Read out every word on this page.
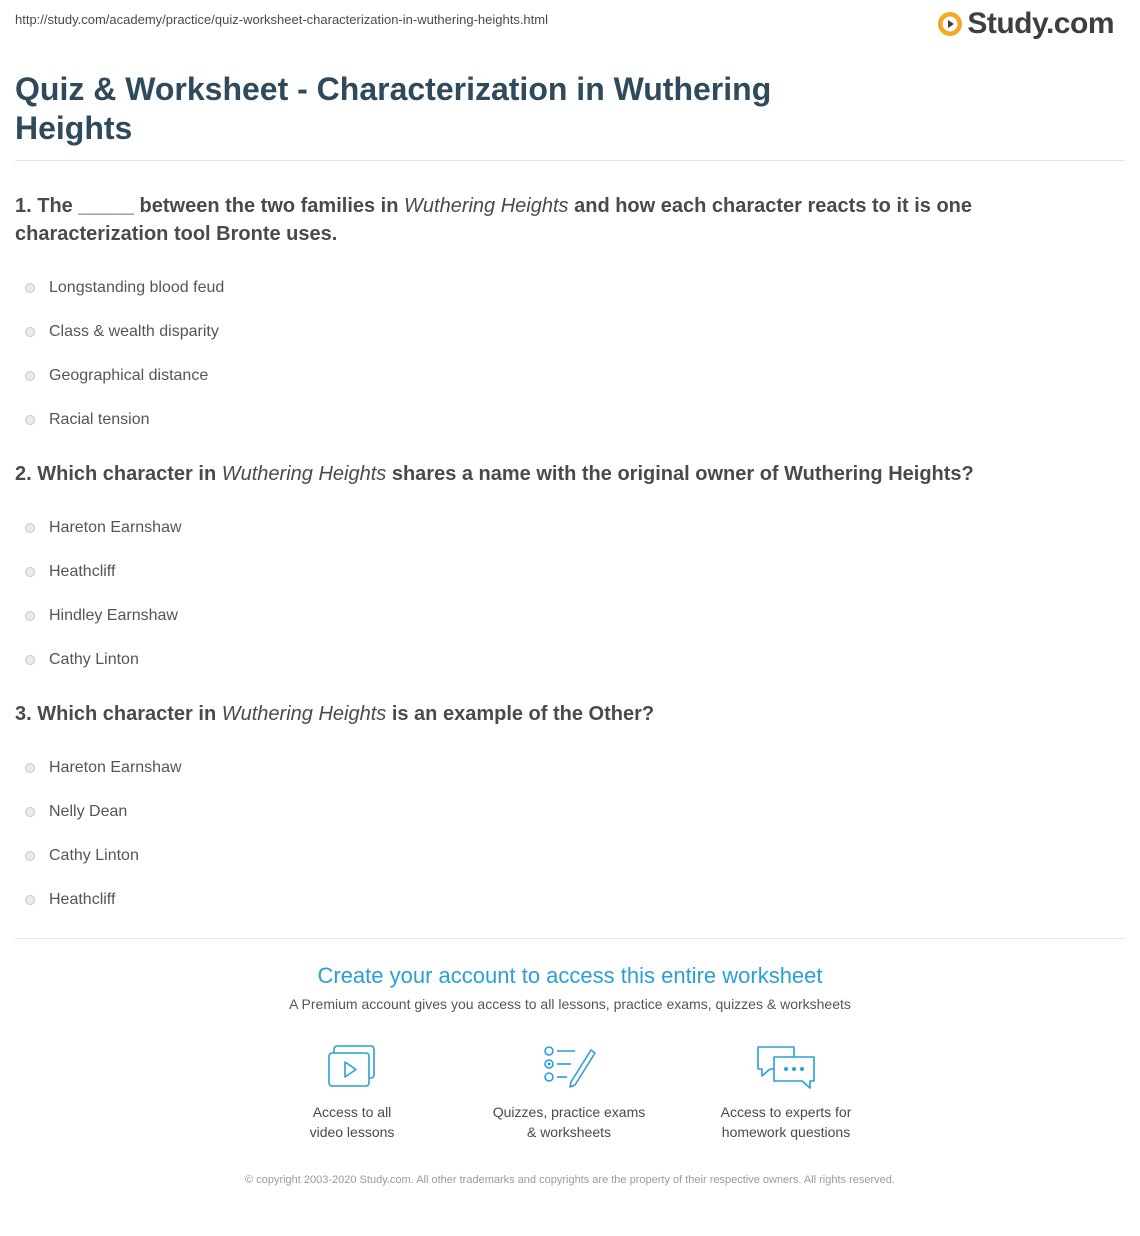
http://study.com/academy/practice/quiz-worksheet-characterization-in-wuthering-heights.html	Study.com
Quiz & Worksheet - Characterization in Wuthering Heights

1. The _____ between the two families in Wuthering Heights and how each character reacts to it is one characterization tool Bronte uses.

Longstanding blood feud
Class & wealth disparity
Geographical distance
Racial tension

2. Which character in Wuthering Heights shares a name with the original owner of Wuthering Heights?

Hareton Earnshaw
Heathcliff
Hindley Earnshaw
Cathy Linton

3. Which character in Wuthering Heights is an example of the Other?

Hareton Earnshaw
Nelly Dean
Cathy Linton
Heathcliff
Create your account to access this entire worksheet
A Premium account gives you access to all lessons, practice exams, quizzes & worksheets
Access to all
video lessons
Quizzes, practice exams
& worksheets
Access to experts for
homework questions
© copyright 2003-2020 Study.com. All other trademarks and copyrights are the property of their respective owners. All rights reserved.
